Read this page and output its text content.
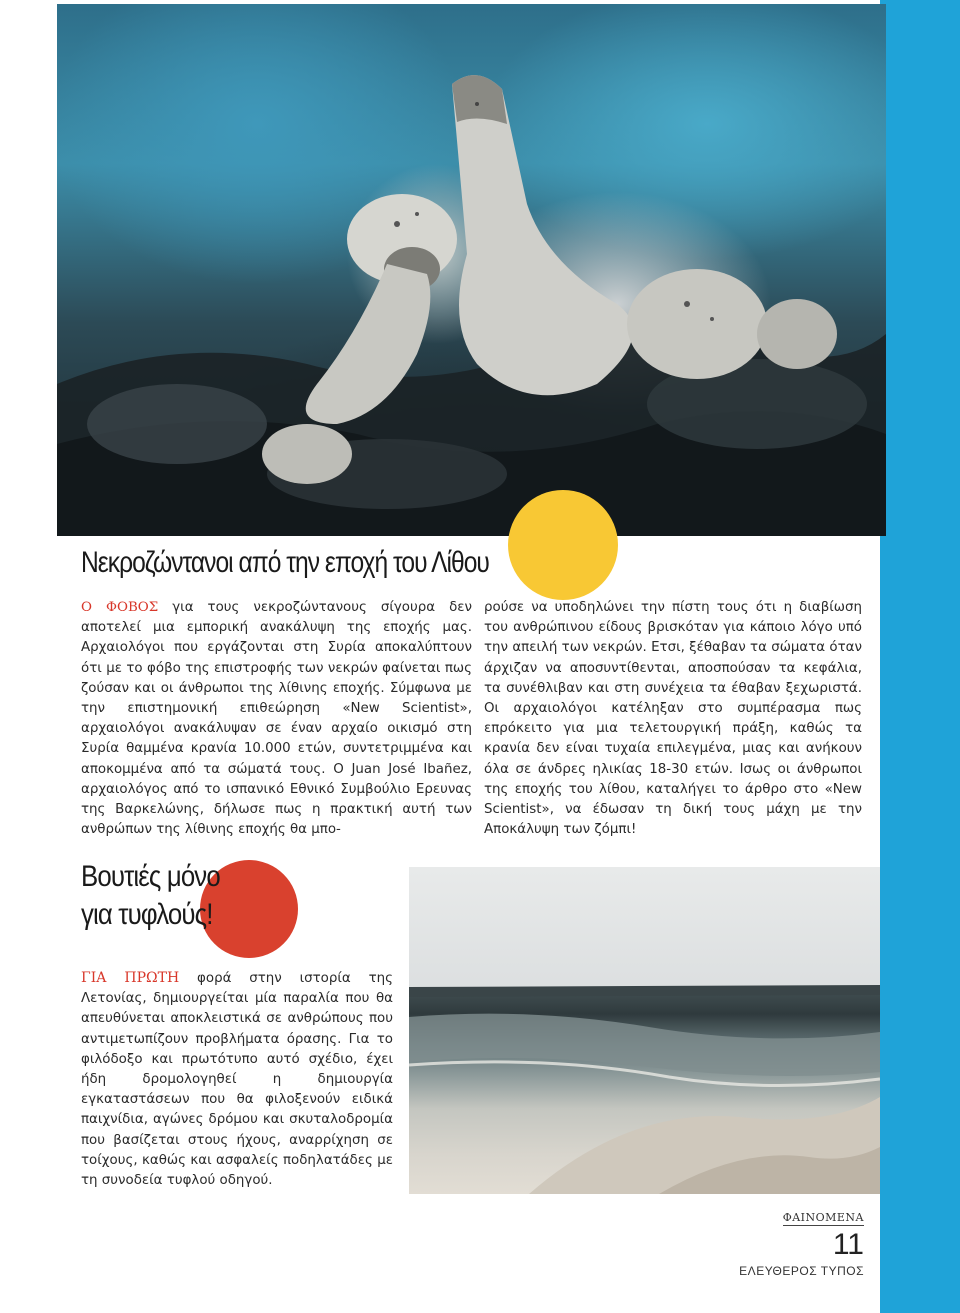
Νεκροζώντανοι από την εποχή του Λίθου
Ο ΦΟΒΟΣ για τους νεκροζώντανους σίγουρα δεν αποτελεί μια εμπορική ανακάλυψη της εποχής μας. Αρχαιολόγοι που εργάζονται στη Συρία αποκαλύπτουν ότι με το φόβο της επιστροφής των νεκρών φαίνεται πως ζούσαν και οι άνθρωποι της λίθινης εποχής. Σύμφωνα με την επιστημονική επιθεώρηση «New Scientist», αρχαιολόγοι ανακάλυψαν σε έναν αρχαίο οικισμό στη Συρία θαμμένα κρανία 10.000 ετών, συντετριμμένα και αποκομμένα από τα σώματά τους. Ο Juan José Ibañez, αρχαιολόγος από το ισπανικό Εθνικό Συμβούλιο Ερευνας της Βαρκελώνης, δήλωσε πως η πρακτική αυτή των ανθρώπων της λίθινης εποχής θα μπο-
ρούσε να υποδηλώνει την πίστη τους ότι η διαβίωση του ανθρώπινου είδους βρισκόταν για κάποιο λόγο υπό την απειλή των νεκρών. Ετσι, ξέθαβαν τα σώματα όταν άρχιζαν να αποσυντίθενται, αποσπούσαν τα κεφάλια, τα συνέθλιβαν και στη συνέχεια τα έθαβαν ξεχωριστά. Οι αρχαιολόγοι κατέληξαν στο συμπέρασμα πως επρόκειτο για μια τελετουργική πράξη, καθώς τα κρανία δεν είναι τυχαία επιλεγμένα, μιας και ανήκουν όλα σε άνδρες ηλικίας 18-30 ετών. Ισως οι άνθρωποι της εποχής του λίθου, καταλήγει το άρθρο στο «New Scientist», να έδωσαν τη δική τους μάχη με την Αποκάλυψη των ζόμπι!
Βουτιές μόνο
για τυφλούς!
ΓΙΑ ΠΡΩΤΗ φορά στην ιστορία της Λετονίας, δημιουργείται μία παραλία που θα απευθύνεται αποκλειστικά σε ανθρώπους που αντιμετωπίζουν προβλήματα όρασης. Για το φιλόδοξο και πρωτότυπο αυτό σχέδιο, έχει ήδη δρομολογηθεί η δημιουργία εγκαταστάσεων που θα φιλοξενούν ειδικά παιχνίδια, αγώνες δρόμου και σκυταλοδρομία που βασίζεται στους ήχους, αναρρίχηση σε τοίχους, καθώς και ασφαλείς ποδηλατάδες με τη συνοδεία τυφλού οδηγού.
ΦΑΙΝΟΜΕΝΑ
11
ΕΛΕΥΘΕΡΟΣ ΤΥΠΟΣ
